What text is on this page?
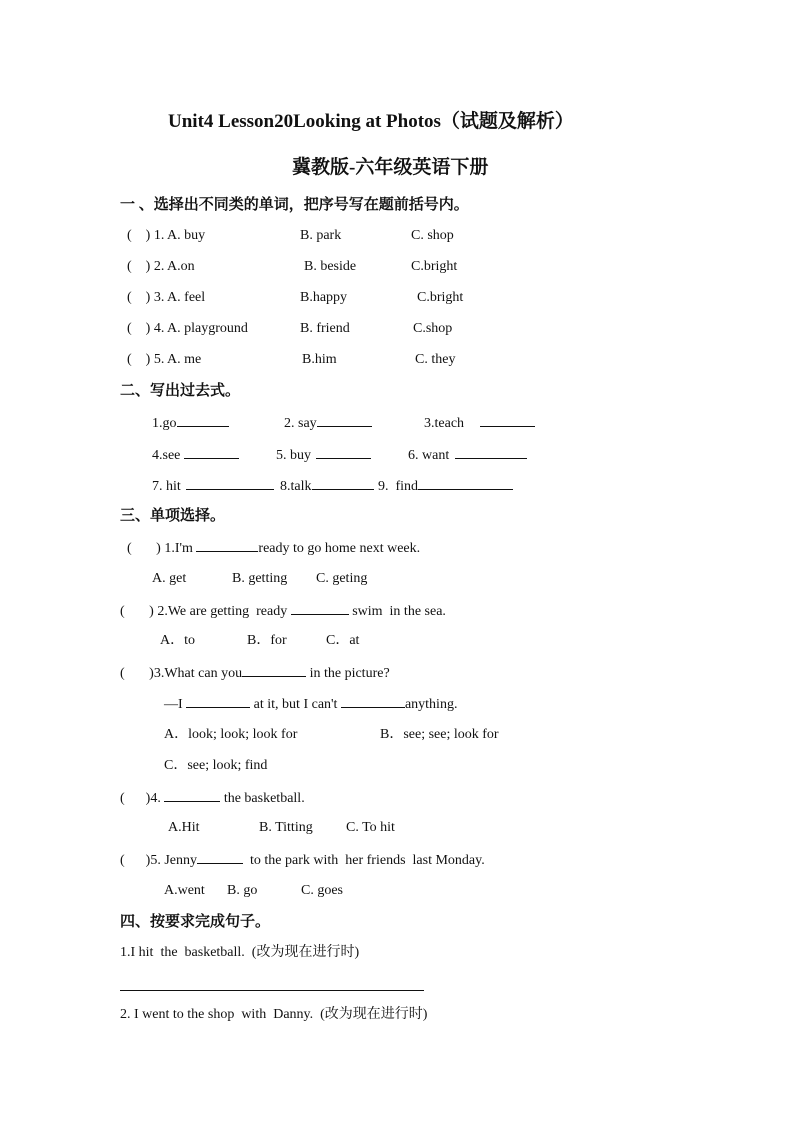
Unit4 Lesson20Looking at Photos（试题及解析）
冀教版-六年级英语下册
一 、选择出不同类的单词，把序号写在题前括号内。
(    ) 1. A. buy	B. park	C. shop
(    ) 2. A.on	B. beside	C.bright
(    ) 3. A. feel	B.happy	C.bright
(    ) 4. A. playground	B. friend	C.shop
(    ) 5. A. me	B.him	C. they
二、写出过去式。
1.go	2. say	3.teach
4.see	5. buy	6. want
7. hit	8.talk	9.  find
三、单项选择。
(       ) 1.I'm	ready to go home next week.
A. get	B. getting C. geting
(       ) 2.We are getting  ready	swim  in the sea.
A．to	B．for	C．at
(       )3.What can you	in the picture?
—I	at it, but I can't	anything.
A．look; look; look for	B．see; see; look for
C．see; look; find
(      )4.	the basketball.
A.Hit	B. Titting C. To hit
(      )5. Jenny	to the park with  her friends  last Monday.
A.went B. go	C. goes
四、按要求完成句子。
1.I hit  the  basketball.  (改为现在进行时)
2. I went to the shop  with  Danny.  (改为现在进行时)
